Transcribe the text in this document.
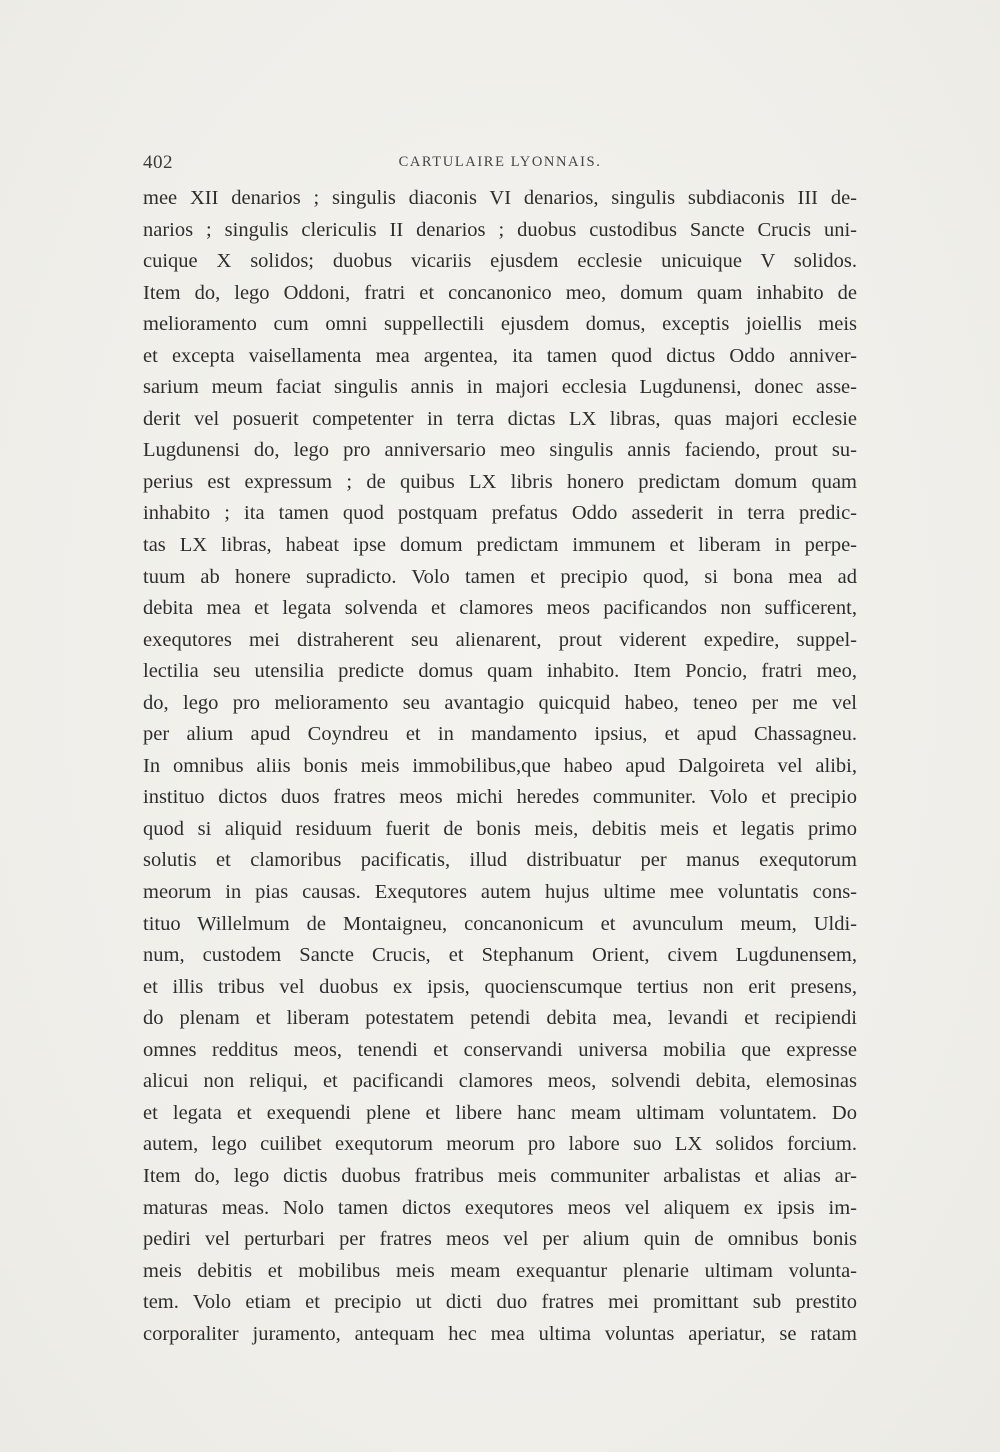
402	CARTULAIRE LYONNAIS.
mee XII denarios ; singulis diaconis VI denarios, singulis subdiaconis III de-
narios ; singulis clericulis II denarios ; duobus custodibus Sancte Crucis uni-
cuique X solidos; duobus vicariis ejusdem ecclesie unicuique V solidos.
Item do, lego Oddoni, fratri et concanonico meo, domum quam inhabito de
melioramento cum omni suppellectili ejusdem domus, exceptis joiellis meis
et excepta vaisellamenta mea argentea, ita tamen quod dictus Oddo anniver-
sarium meum faciat singulis annis in majori ecclesia Lugdunensi, donec asse-
derit vel posuerit competenter in terra dictas LX libras, quas majori ecclesie
Lugdunensi do, lego pro anniversario meo singulis annis faciendo, prout su-
perius est expressum ; de quibus LX libris honero predictam domum quam
inhabito ; ita tamen quod postquam prefatus Oddo assederit in terra predic-
tas LX libras, habeat ipse domum predictam immunem et liberam in perpe-
tuum ab honere supradicto. Volo tamen et precipio quod, si bona mea ad
debita mea et legata solvenda et clamores meos pacificandos non sufficerent,
exequtores mei distraherent seu alienarent, prout viderent expedire, suppel-
lectilia seu utensilia predicte domus quam inhabito. Item Poncio, fratri meo,
do, lego pro melioramento seu avantagio quicquid habeo, teneo per me vel
per alium apud Coyndreu et in mandamento ipsius, et apud Chassagneu.
In omnibus aliis bonis meis immobilibus,que habeo apud Dalgoireta vel alibi,
instituo dictos duos fratres meos michi heredes communiter. Volo et precipio
quod si aliquid residuum fuerit de bonis meis, debitis meis et legatis primo
solutis et clamoribus pacificatis, illud distribuatur per manus exequtorum
meorum in pias causas. Exequtores autem hujus ultime mee voluntatis cons-
tituo Willelmum de Montaigneu, concanonicum et avunculum meum, Uldi-
num, custodem Sancte Crucis, et Stephanum Orient, civem Lugdunensem,
et illis tribus vel duobus ex ipsis, quocienscumque tertius non erit presens,
do plenam et liberam potestatem petendi debita mea, levandi et recipiendi
omnes redditus meos, tenendi et conservandi universa mobilia que expresse
alicui non reliqui, et pacificandi clamores meos, solvendi debita, elemosinas
et legata et exequendi plene et libere hanc meam ultimam voluntatem. Do
autem, lego cuilibet exequtorum meorum pro labore suo LX solidos forcium.
Item do, lego dictis duobus fratribus meis communiter arbalistas et alias ar-
maturas meas. Nolo tamen dictos exequtores meos vel aliquem ex ipsis im-
pediri vel perturbari per fratres meos vel per alium quin de omnibus bonis
meis debitis et mobilibus meis meam exequantur plenarie ultimam volunta-
tem. Volo etiam et precipio ut dicti duo fratres mei promittant sub prestito
corporaliter juramento, antequam hec mea ultima voluntas aperiatur, se ratam
